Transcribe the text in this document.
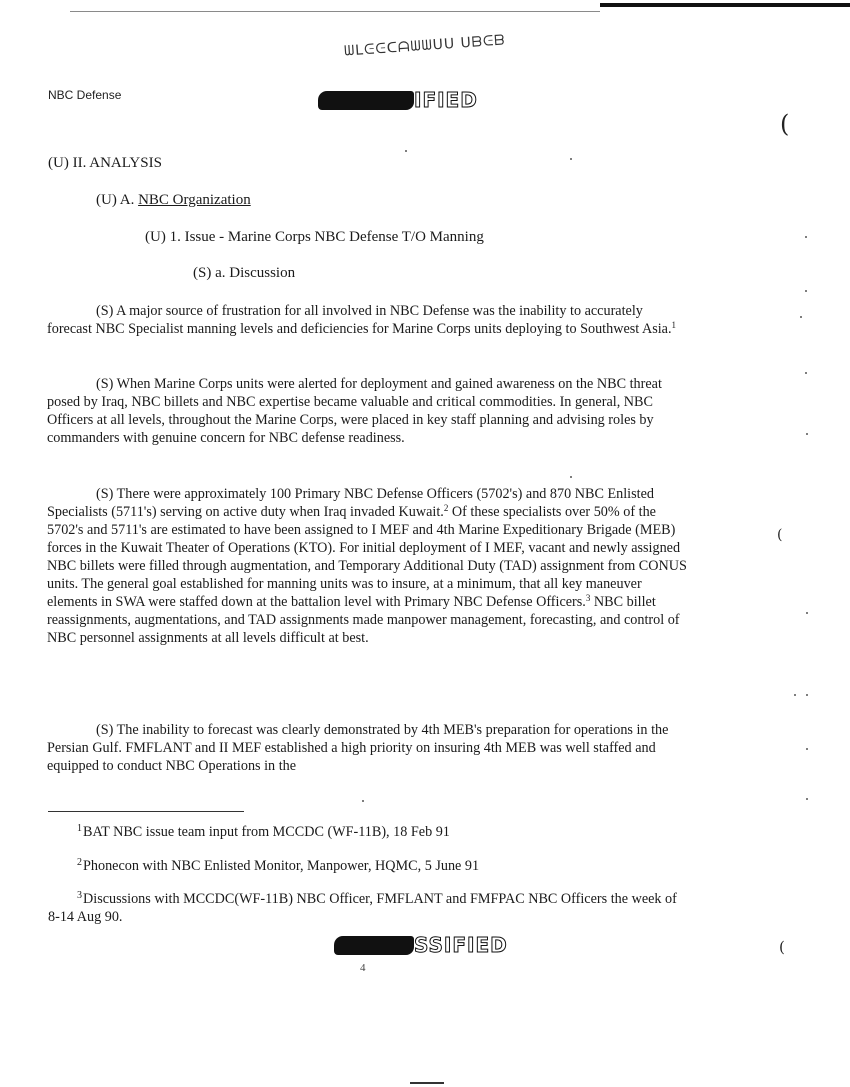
ᗯᒪᕮᕮᑕᗩᗯᗯᑌᑌ ᑌᗷᕮᗷ
NBC Defense	IFIED
(
(
(
(U) II. ANALYSIS
(U) A. NBC Organization
(U) 1. Issue - Marine Corps NBC Defense T/O Manning
(S) a. Discussion

(S) A major source of frustration for all involved in NBC Defense was the inability to accurately forecast NBC Specialist manning levels and deficiencies for Marine Corps units deploying to Southwest Asia.$^1$

(S) When Marine Corps units were alerted for deployment and gained awareness on the NBC threat posed by Iraq, NBC billets and NBC expertise became valuable and critical commodities. In general, NBC Officers at all levels, throughout the Marine Corps, were placed in key staff planning and advising roles by commanders with genuine concern for NBC defense readiness.

(S) There were approximately 100 Primary NBC Defense Officers (5702's) and 870 NBC Enlisted Specialists (5711's) serving on active duty when Iraq invaded Kuwait.$^2$ Of these specialists over 50% of the 5702's and 5711's are estimated to have been assigned to I MEF and 4th Marine Expeditionary Brigade (MEB) forces in the Kuwait Theater of Operations (KTO). For initial deployment of I MEF, vacant and newly assigned NBC billets were filled through augmentation, and Temporary Additional Duty (TAD) assignment from CONUS units. The general goal established for manning units was to insure, at a minimum, that all key maneuver elements in SWA were staffed down at the battalion level with Primary NBC Defense Officers.$^3$ NBC billet reassignments, augmentations, and TAD assignments made manpower management, forecasting, and control of NBC personnel assignments at all levels difficult at best.

(S) The inability to forecast was clearly demonstrated by 4th MEB's preparation for operations in the Persian Gulf. FMFLANT and II MEF established a high priority on insuring 4th MEB was well staffed and equipped to conduct NBC Operations in the

$^1$BAT NBC issue team input from MCCDC (WF-11B), 18 Feb 91
$^2$Phonecon with NBC Enlisted Monitor, Manpower, HQMC, 5 June 91
$^3$Discussions with MCCDC(WF-11B) NBC Officer, FMFLANT and FMFPAC NBC Officers the week of 8-14 Aug 90.
SSIFIED
4
